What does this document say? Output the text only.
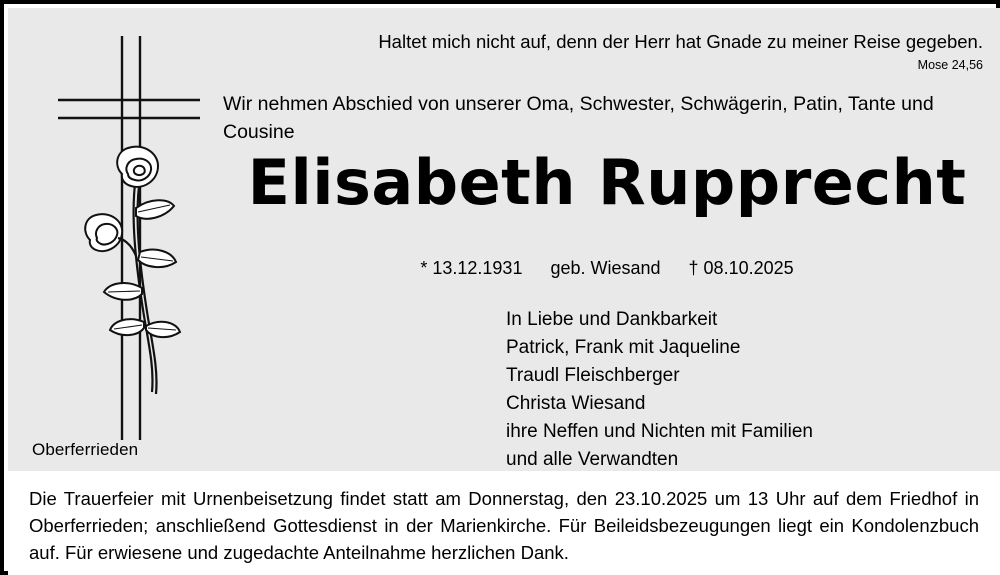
Oberferrieden
Haltet mich nicht auf, denn der Herr hat Gnade zu meiner Reise gegeben.
Mose 24,56
Wir nehmen Abschied von unserer Oma, Schwester, Schwägerin, Patin, Tante und Cousine
Elisabeth Rupprecht
* 13.12.1931 geb. Wiesand † 08.10.2025
In Liebe und Dankbarkeit
Patrick, Frank mit Jaqueline
Traudl Fleischberger
Christa Wiesand
ihre Neffen und Nichten mit Familien
und alle Verwandten

Die Trauerfeier mit Urnenbeisetzung findet statt am Donnerstag, den 23.10.2025 um 13 Uhr auf dem Friedhof in Oberferrieden; anschließend Gottesdienst in der Marienkirche. Für Beileidsbezeugungen liegt ein Kondolenzbuch auf. Für erwiesene und zugedachte Anteilnahme herzlichen Dank.
